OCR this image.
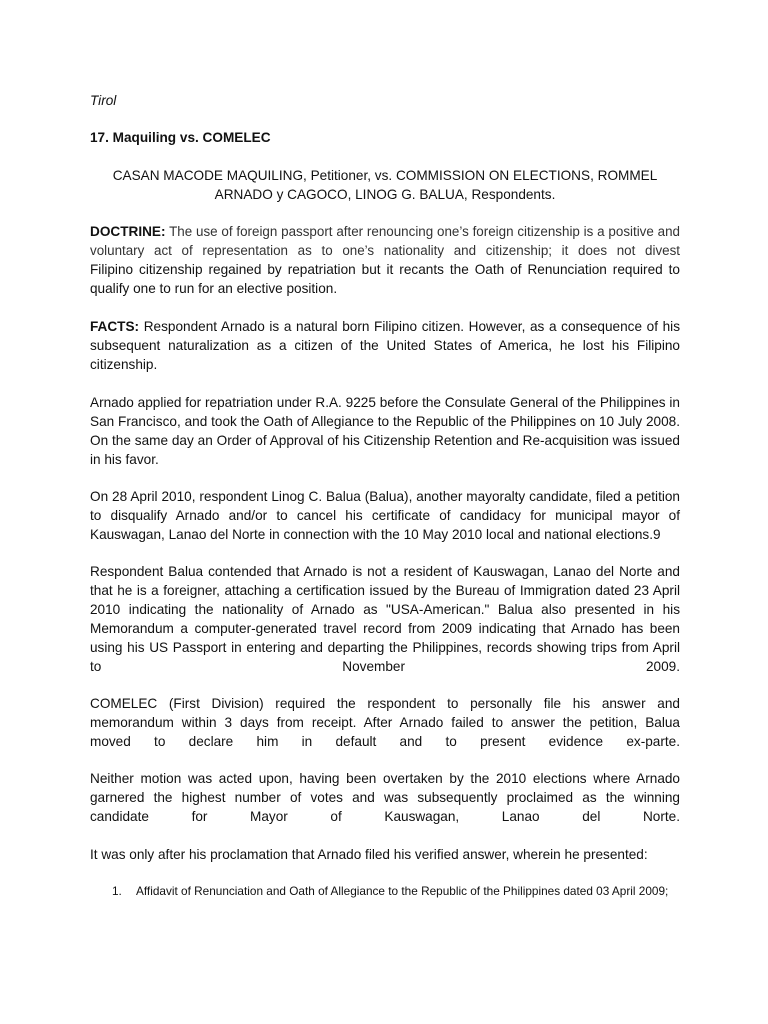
Tirol

17. Maquiling vs. COMELEC

CASAN MACODE MAQUILING, Petitioner, vs. COMMISSION ON ELECTIONS, ROMMEL
ARNADO y CAGOCO, LINOG G. BALUA, Respondents.
DOCTRINE: The use of foreign passport after renouncing one’s foreign citizenship is a positive and voluntary act of representation as to one’s nationality and citizenship; it does not divest
Filipino citizenship regained by repatriation but it recants the Oath of Renunciation required to qualify one to run for an elective position.
FACTS: Respondent Arnado is a natural born Filipino citizen. However, as a consequence of his subsequent naturalization as a citizen of the United States of America, he lost his Filipino citizenship.

Arnado applied for repatriation under R.A. 9225 before the Consulate General of the Philippines in San Francisco, and took the Oath of Allegiance to the Republic of the Philippines on 10 July 2008. On the same day an Order of Approval of his Citizenship Retention and Re-acquisition was issued in his favor.

On 28 April 2010, respondent Linog C. Balua (Balua), another mayoralty candidate, filed a petition to disqualify Arnado and/or to cancel his certificate of candidacy for municipal mayor of Kauswagan, Lanao del Norte in connection with the 10 May 2010 local and national elections.9

Respondent Balua contended that Arnado is not a resident of Kauswagan, Lanao del Norte and that he is a foreigner, attaching a certification issued by the Bureau of Immigration dated 23 April 2010 indicating the nationality of Arnado as "USA-American." Balua also presented in his Memorandum a computer-generated travel record from 2009 indicating that Arnado has been using his US Passport in entering and departing the Philippines, records showing trips from April
to November 2009.
COMELEC (First Division) required the respondent to personally file his answer and memorandum within 3 days from receipt. After Arnado failed to answer the petition, Balua
moved to declare him in default and to present evidence ex-parte.
Neither motion was acted upon, having been overtaken by the 2010 elections where Arnado garnered the highest number of votes and was subsequently proclaimed as the winning
candidate for Mayor of Kauswagan, Lanao del Norte.

It was only after his proclamation that Arnado filed his verified answer, wherein he presented:

1. Affidavit of Renunciation and Oath of Allegiance to the Republic of the Philippines dated 03 April 2009;
